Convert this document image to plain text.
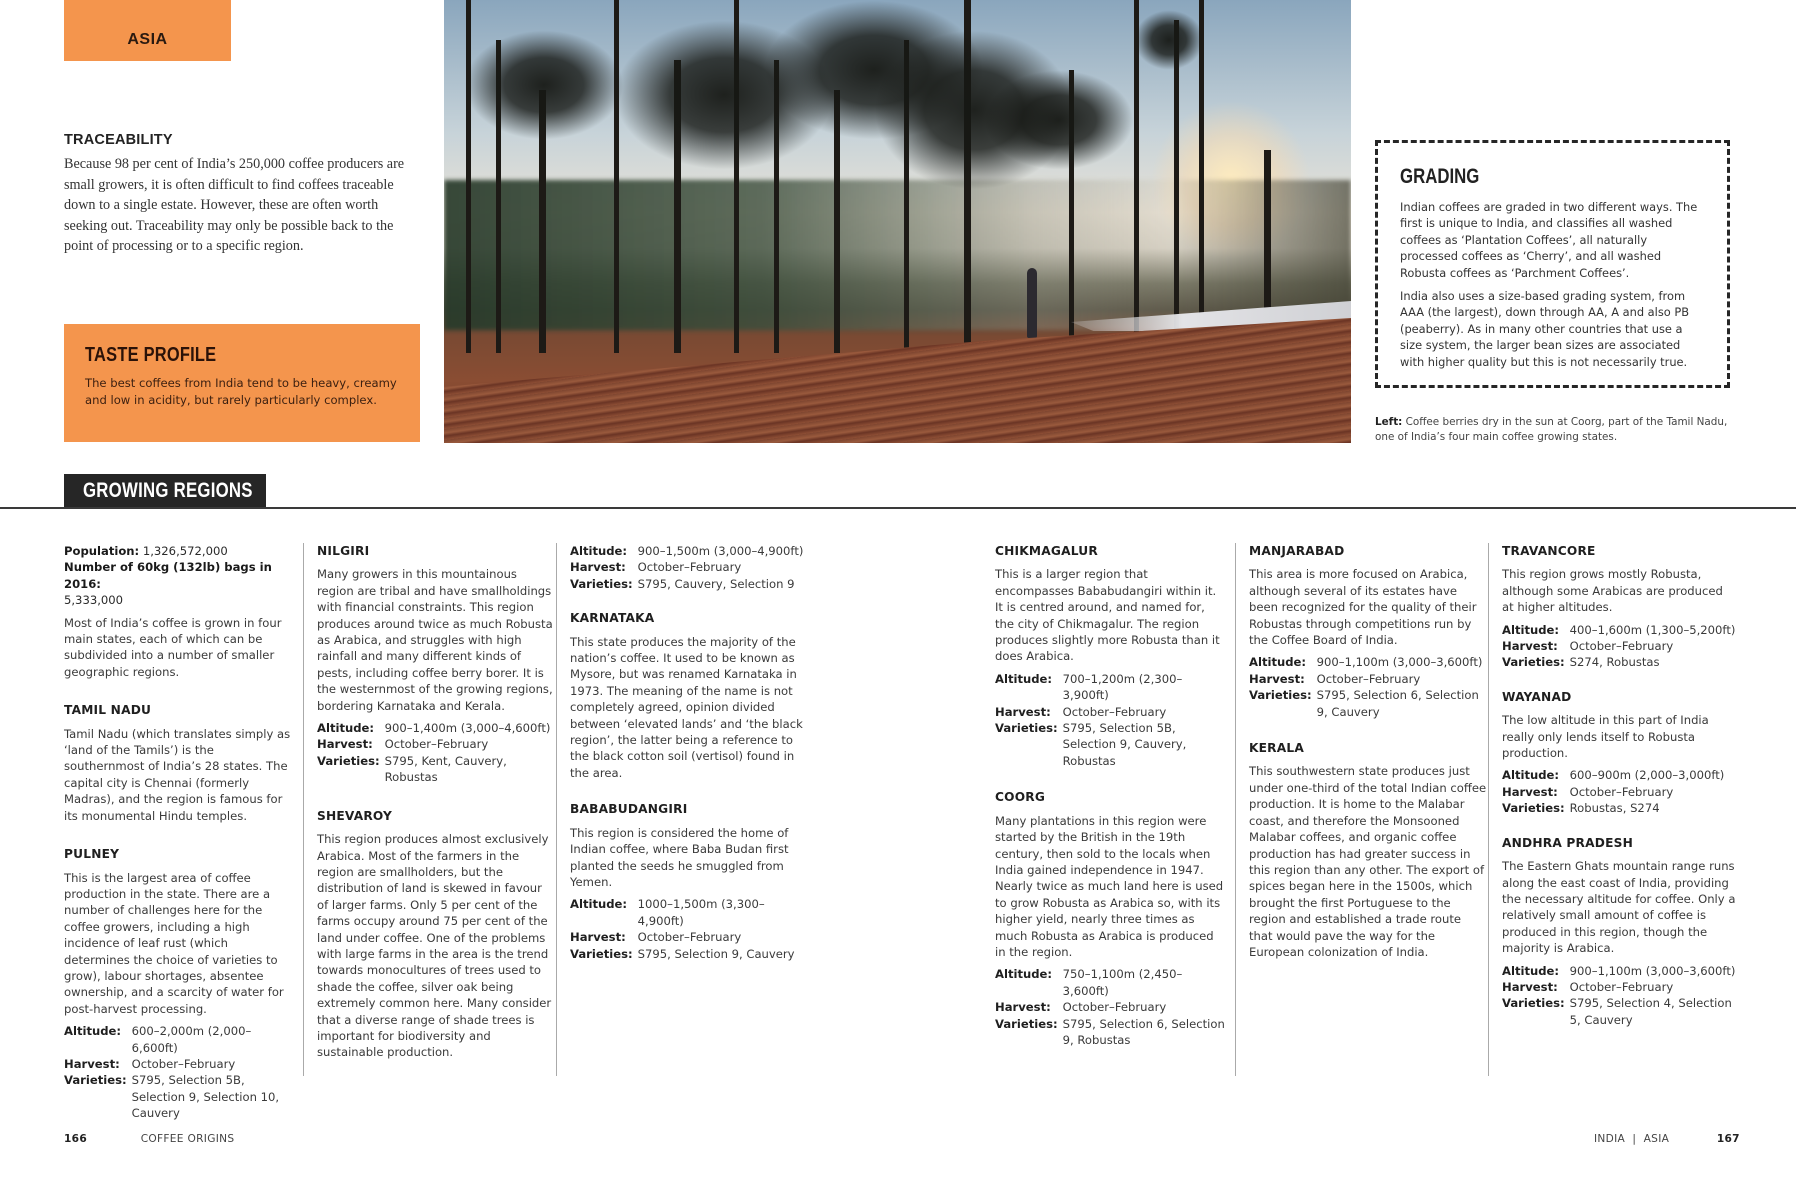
ASIA
TRACEABILITY

Because 98 per cent of India’s 250,000 coffee producers are small growers, it is often difficult to find coffees traceable down to a single estate. However, these are often worth seeking out. Traceability may only be possible back to the point of processing or to a specific region.

TASTE PROFILE

The best coffees from India tend to be heavy, creamy and low in acidity, but rarely particularly complex.

GRADING

Indian coffees are graded in two different ways. The first is unique to India, and classifies all washed coffees as ‘Plantation Coffees’, all naturally processed coffees as ‘Cherry’, and all washed Robusta coffees as ‘Parchment Coffees’.

India also uses a size-based grading system, from AAA (the largest), down through AA, A and also PB (peaberry). As in many other countries that use a size system, the larger bean sizes are associated with higher quality but this is not necessarily true.

Left: Coffee berries dry in the sun at Coorg, part of the Tamil Nadu, one of India’s four main coffee growing states.
GROWING REGIONS
Population: 1,326,572,000
Number of 60kg (132lb) bags in 2016:
5,333,000

Most of India’s coffee is grown in four main states, each of which can be subdivided into a number of smaller geographic regions.

TAMIL NADU

Tamil Nadu (which translates simply as ‘land of the Tamils’) is the southernmost of India’s 28 states. The capital city is Chennai (formerly Madras), and the region is famous for its monumental Hindu temples.

PULNEY

This is the largest area of coffee production in the state. There are a number of challenges here for the coffee growers, including a high incidence of leaf rust (which determines the choice of varieties to grow), labour shortages, absentee ownership, and a scarcity of water for post-harvest processing.

Altitude: 600–2,000m (2,000–6,600ft)
Harvest:	October–February
Varieties: S795, Selection 5B, Selection 9, Selection 10, Cauvery
NILGIRI

Many growers in this mountainous region are tribal and have smallholdings with financial constraints. This region produces around twice as much Robusta as Arabica, and struggles with high rainfall and many different kinds of pests, including coffee berry borer. It is the westernmost of the growing regions, bordering Karnataka and Kerala.

Altitude: 900–1,400m (3,000–4,600ft)
Harvest:	October–February
Varieties: S795, Kent, Cauvery, Robustas
SHEVAROY

This region produces almost exclusively Arabica. Most of the farmers in the region are smallholders, but the distribution of land is skewed in favour of larger farms. Only 5 per cent of the farms occupy around 75 per cent of the land under coffee. One of the problems with large farms in the area is the trend towards monocultures of trees used to shade the coffee, silver oak being extremely common here. Many consider that a diverse range of shade trees is important for biodiversity and sustainable production.

Altitude: 900–1,500m (3,000–4,900ft)
Harvest:	October–February
Varieties: S795, Cauvery, Selection 9
KARNATAKA

This state produces the majority of the nation’s coffee. It used to be known as Mysore, but was renamed Karnataka in 1973. The meaning of the name is not completely agreed, opinion divided between ‘elevated lands’ and ‘the black region’, the latter being a reference to the black cotton soil (vertisol) found in the area.

BABABUDANGIRI

This region is considered the home of Indian coffee, where Baba Budan first planted the seeds he smuggled from Yemen.

Altitude: 1000–1,500m (3,300–4,900ft)
Harvest:	October–February
Varieties: S795, Selection 9, Cauvery
CHIKMAGALUR

This is a larger region that encompasses Bababudangiri within it. It is centred around, and named for, the city of Chikmagalur. The region produces slightly more Robusta than it does Arabica.

Altitude: 700–1,200m (2,300–3,900ft)
Harvest:	October–February
Varieties: S795, Selection 5B, Selection 9, Cauvery, Robustas
COORG

Many plantations in this region were started by the British in the 19th century, then sold to the locals when India gained independence in 1947. Nearly twice as much land here is used to grow Robusta as Arabica so, with its higher yield, nearly three times as much Robusta as Arabica is produced in the region.

Altitude: 750–1,100m (2,450–3,600ft)
Harvest:	October–February
Varieties: S795, Selection 6, Selection 9, Robustas
MANJARABAD

This area is more focused on Arabica, although several of its estates have been recognized for the quality of their Robustas through competitions run by the Coffee Board of India.

Altitude: 900–1,100m (3,000–3,600ft)
Harvest:	October–February
Varieties: S795, Selection 6, Selection 9, Cauvery
KERALA

This southwestern state produces just under one-third of the total Indian coffee production. It is home to the Malabar coast, and therefore the Monsooned Malabar coffees, and organic coffee production has had greater success in this region than any other. The export of spices began here in the 1500s, which brought the first Portuguese to the region and established a trade route that would pave the way for the European colonization of India.

TRAVANCORE

This region grows mostly Robusta, although some Arabicas are produced at higher altitudes.

Altitude: 400–1,600m (1,300–5,200ft)
Harvest:	October–February
Varieties: S274, Robustas
WAYANAD

The low altitude in this part of India really only lends itself to Robusta production.

Altitude: 600–900m (2,000–3,000ft)
Harvest:	October–February
Varieties: Robustas, S274
ANDHRA PRADESH

The Eastern Ghats mountain range runs along the east coast of India, providing the necessary altitude for coffee. Only a relatively small amount of coffee is produced in this region, though the majority is Arabica.

Altitude: 900–1,100m (3,000–3,600ft)
Harvest:	October–February
Varieties: S795, Selection 4, Selection 5, Cauvery
166	COFFEE ORIGINS	INDIA  |  ASIA	167
